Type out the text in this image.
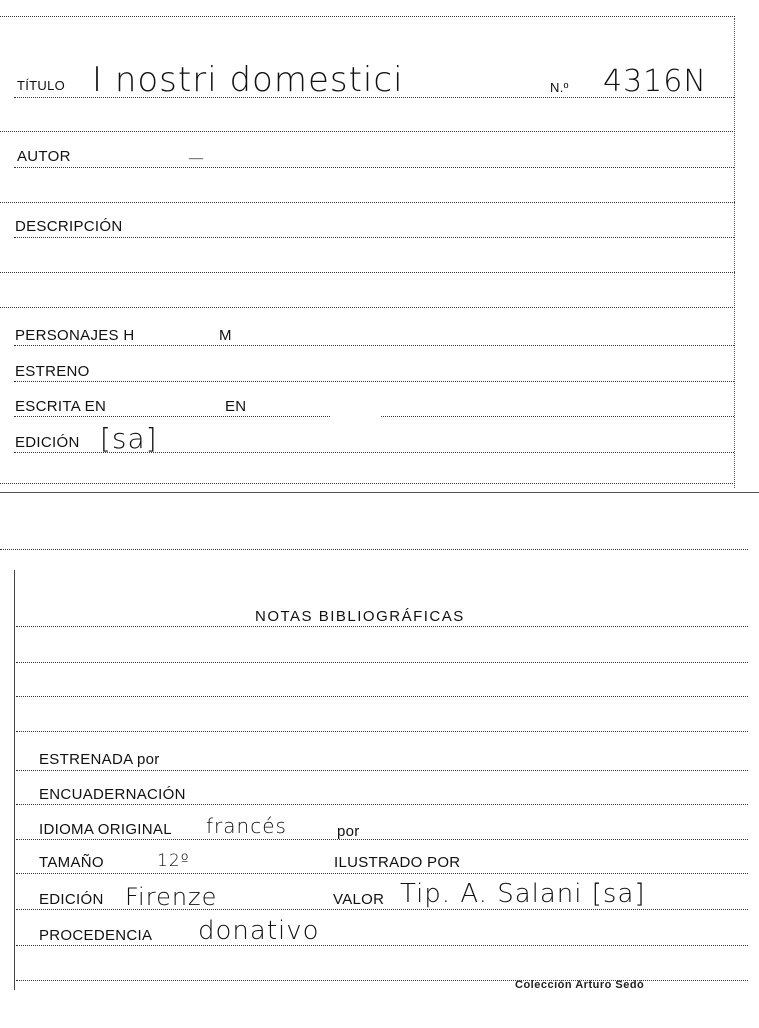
TÍTULO I nostri domestici	N.º 4316N
AUTOR	—
DESCRIPCIÓN
PERSONAJES H	M
ESTRENO
ESCRITA EN	EN
EDICIÓN [sa]
NOTAS BIBLIOGRÁFICAS
ESTRENADA por
ENCUADERNACIÓN
IDIOMA ORIGINAL francés	por
TAMAÑO	12º	ILUSTRADO POR
EDICIÓN Firenze	VALOR Tip. A. Salani [sa]
PROCEDENCIA donativo
Colección Arturo Sedó
